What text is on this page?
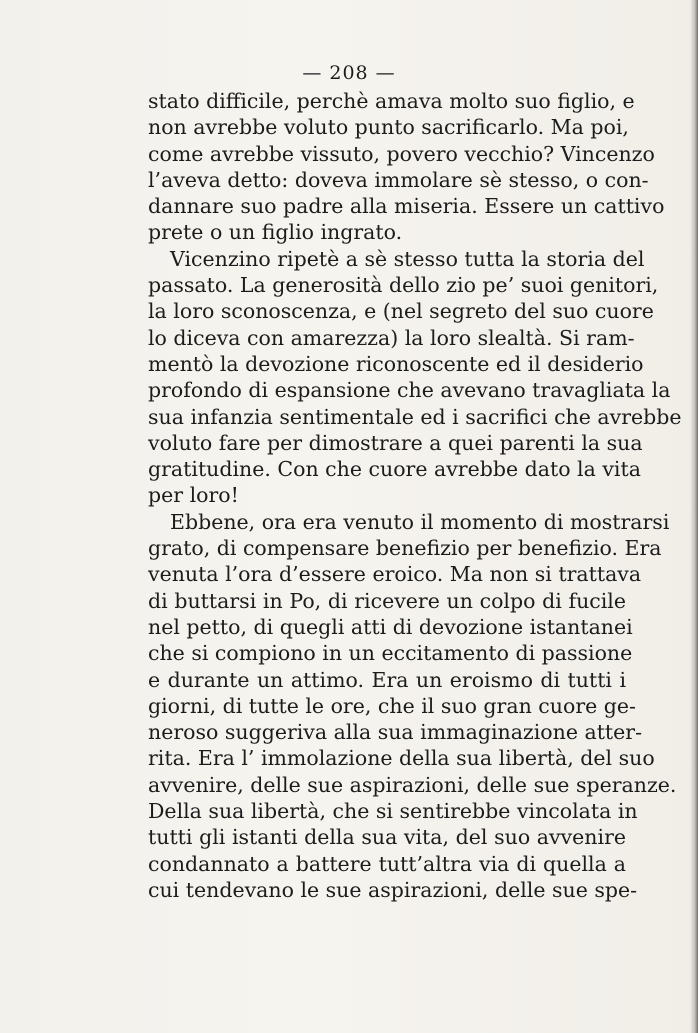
— 208 —
stato difficile, perchè amava molto suo figlio, e
non avrebbe voluto punto sacrificarlo. Ma poi,
come avrebbe vissuto, povero vecchio? Vincenzo
l’aveva detto: doveva immolare sè stesso, o con-
dannare suo padre alla miseria. Essere un cattivo
prete o un figlio ingrato.
Vicenzino ripetè a sè stesso tutta la storia del
passato. La generosità dello zio pe’ suoi genitori,
la loro sconoscenza, e (nel segreto del suo cuore
lo diceva con amarezza) la loro slealtà. Si ram-
mentò la devozione riconoscente ed il desiderio
profondo di espansione che avevano travagliata la
sua infanzia sentimentale ed i sacrifici che avrebbe
voluto fare per dimostrare a quei parenti la sua
gratitudine. Con che cuore avrebbe dato la vita
per loro!
Ebbene, ora era venuto il momento di mostrarsi
grato, di compensare benefizio per benefizio. Era
venuta l’ora d’essere eroico. Ma non si trattava
di buttarsi in Po, di ricevere un colpo di fucile
nel petto, di quegli atti di devozione istantanei
che si compiono in un eccitamento di passione
e durante un attimo. Era un eroismo di tutti i
giorni, di tutte le ore, che il suo gran cuore ge-
neroso suggeriva alla sua immaginazione atter-
rita. Era l’ immolazione della sua libertà, del suo
avvenire, delle sue aspirazioni, delle sue speranze.
Della sua libertà, che si sentirebbe vincolata in
tutti gli istanti della sua vita, del suo avvenire
condannato a battere tutt’altra via di quella a
cui tendevano le sue aspirazioni, delle sue spe-
